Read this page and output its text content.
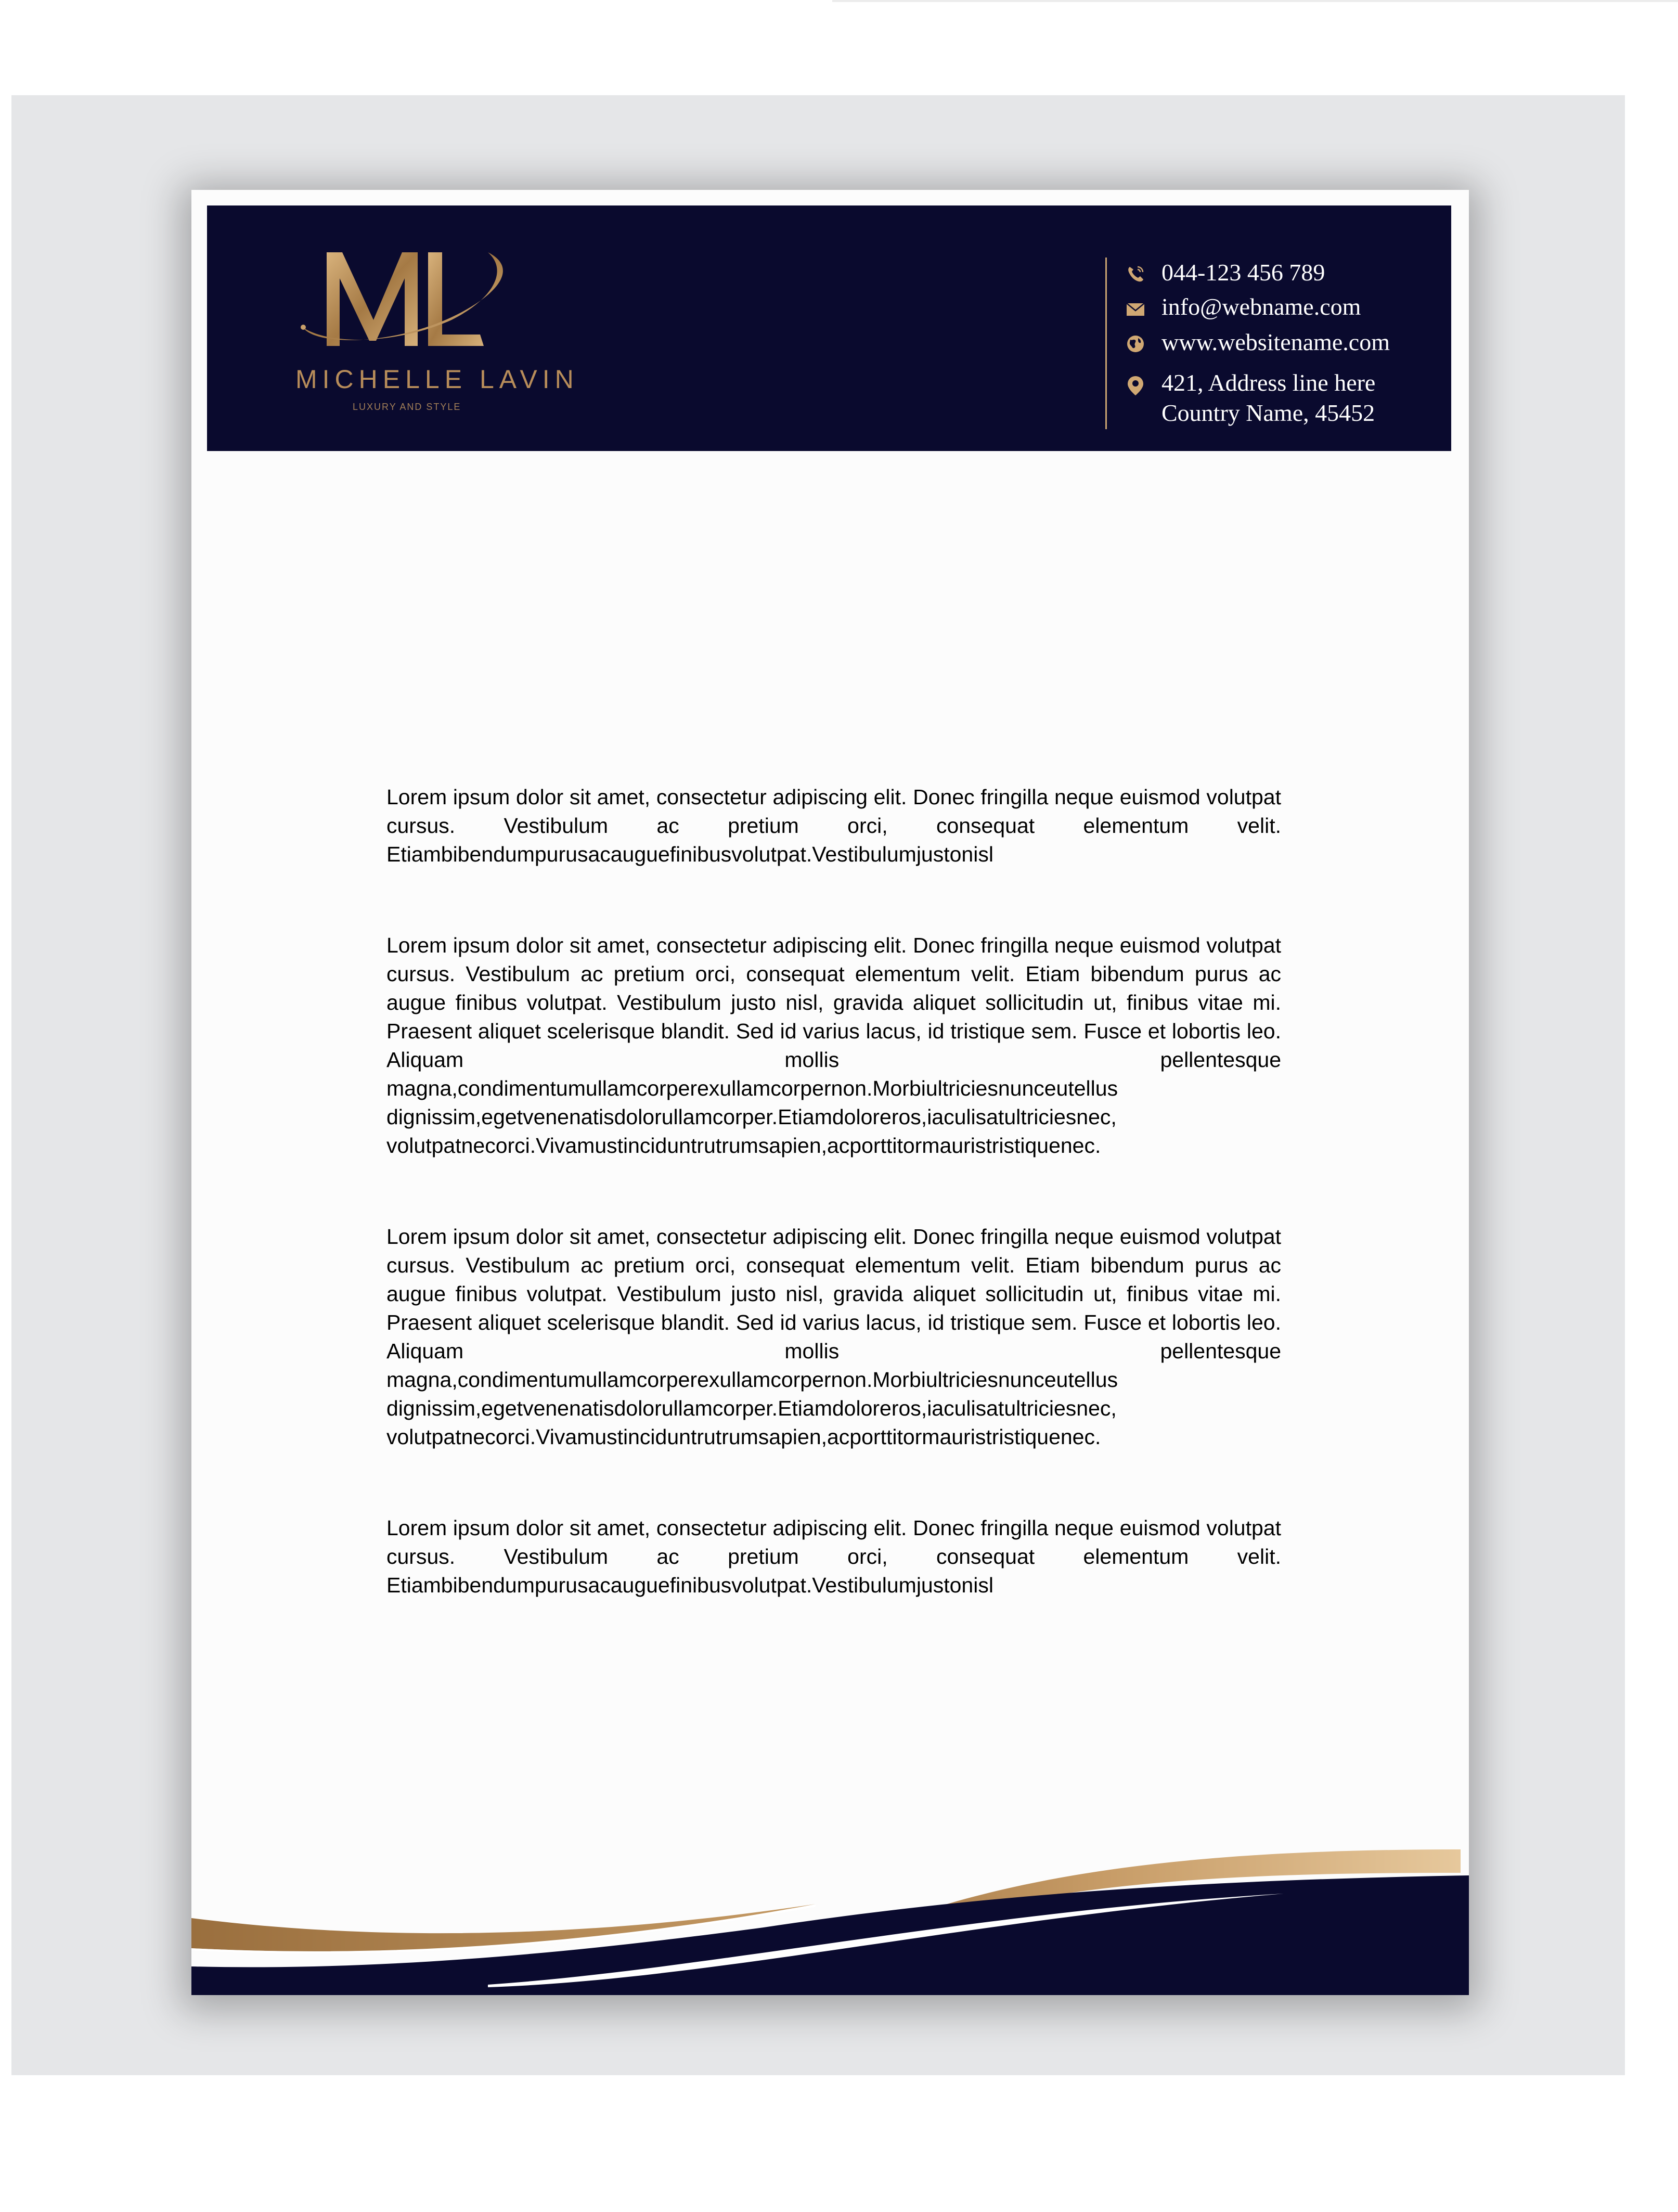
MICHELLE LAVIN
LUXURY AND STYLE
044-123 456 789
info@webname.com
www.websitename.com
421, Address line here
Country Name, 45452

Lorem ipsum dolor sit amet, consectetur adipiscing elit. Donec fringilla neque euismod volutpat cursus. Vestibulum ac pretium orci, consequat elementum velit. Etiambibendumpurusacauguefinibusvolutpat.Vestibulumjustonisl

Lorem ipsum dolor sit amet, consectetur adipiscing elit. Donec fringilla neque euismod volutpat cursus. Vestibulum ac pretium orci, consequat elementum velit. Etiam bibendum purus ac augue finibus volutpat. Vestibulum justo nisl, gravida aliquet sollicitudin ut, finibus vitae mi. Praesent aliquet scelerisque blandit. Sed id varius lacus, id tristique sem. Fusce et lobortis leo. Aliquam mollis pellentesque magna,condimentumullamcorperexullamcorpernon.Morbiultriciesnunceutellus dignissim,egetvenenatisdolorullamcorper.Etiamdoloreros,iaculisatultriciesnec, volutpatnecorci.Vivamustinciduntrutrumsapien,acporttitormauristristiquenec.

Lorem ipsum dolor sit amet, consectetur adipiscing elit. Donec fringilla neque euismod volutpat cursus. Vestibulum ac pretium orci, consequat elementum velit. Etiam bibendum purus ac augue finibus volutpat. Vestibulum justo nisl, gravida aliquet sollicitudin ut, finibus vitae mi. Praesent aliquet scelerisque blandit. Sed id varius lacus, id tristique sem. Fusce et lobortis leo. Aliquam mollis pellentesque magna,condimentumullamcorperexullamcorpernon.Morbiultriciesnunceutellus dignissim,egetvenenatisdolorullamcorper.Etiamdoloreros,iaculisatultriciesnec, volutpatnecorci.Vivamustinciduntrutrumsapien,acporttitormauristristiquenec.

Lorem ipsum dolor sit amet, consectetur adipiscing elit. Donec fringilla neque euismod volutpat cursus. Vestibulum ac pretium orci, consequat elementum velit. Etiambibendumpurusacauguefinibusvolutpat.Vestibulumjustonisl
